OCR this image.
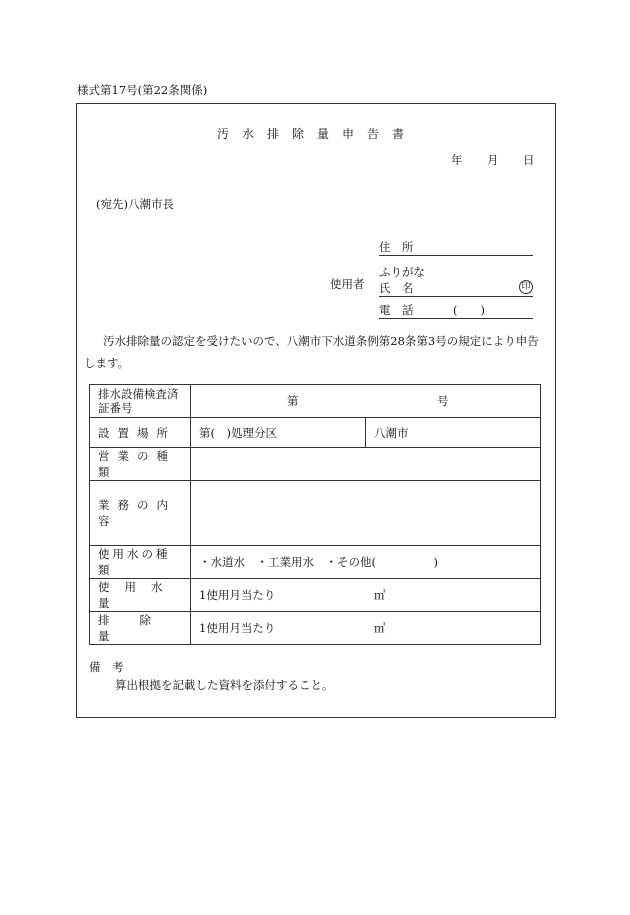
様式第17号(第22条関係)
汚水排除量申告書
年 月 日
(宛先)八潮市長
使用者
住　所
ふりがな
氏　名	印
電　話	(　　)
汚水排除量の認定を受けたいので、八潮市下水道条例第28条第3号の規定により申告します。
排水設備検査済証番号	第 号	
設置場所	第(　)処理分区	八潮市
営業の種類		
業務の内容		
使用水の種類	・水道水　・工業用水　・その他(　　　　　)	
使用水量	1使用月当たり ㎥	
排除量	1使用月当たり ㎥	
備　考
算出根拠を記載した資料を添付すること。
